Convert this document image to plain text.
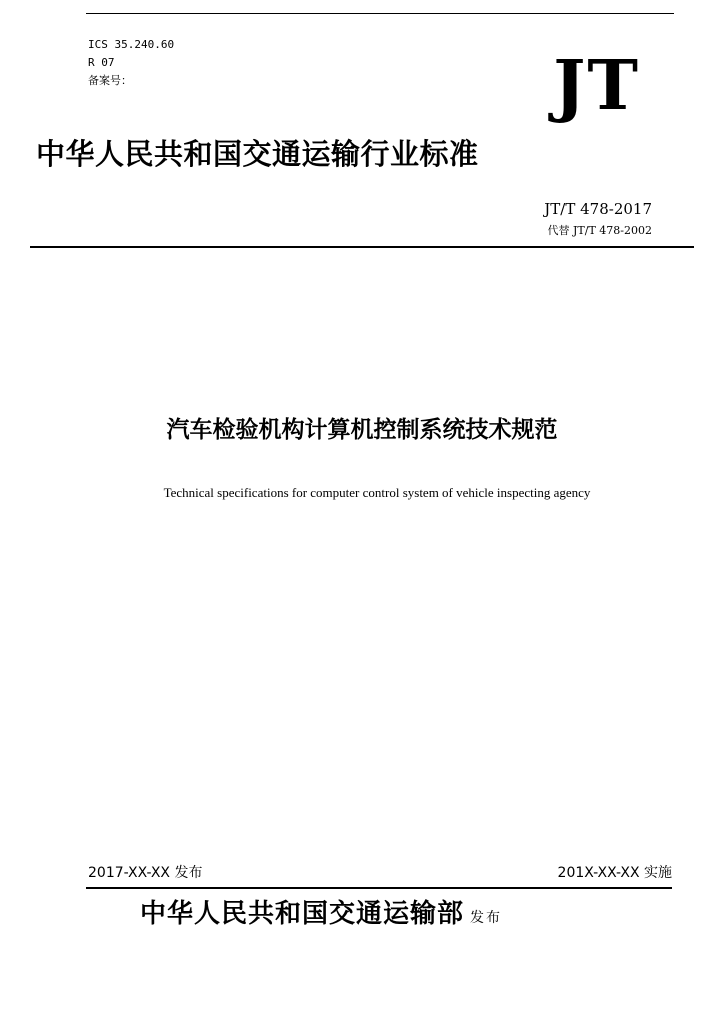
ICS 35.240.60
R 07
备案号：	JT
中华人民共和国交通运输行业标准
JT/T 478-2017
代替 JT/T 478-2002
汽车检验机构计算机控制系统技术规范
Technical specifications for computer control system of vehicle inspecting agency
2017-XX-XX 发布	201X-XX-XX 实施
中华人民共和国交通运输部 发布
